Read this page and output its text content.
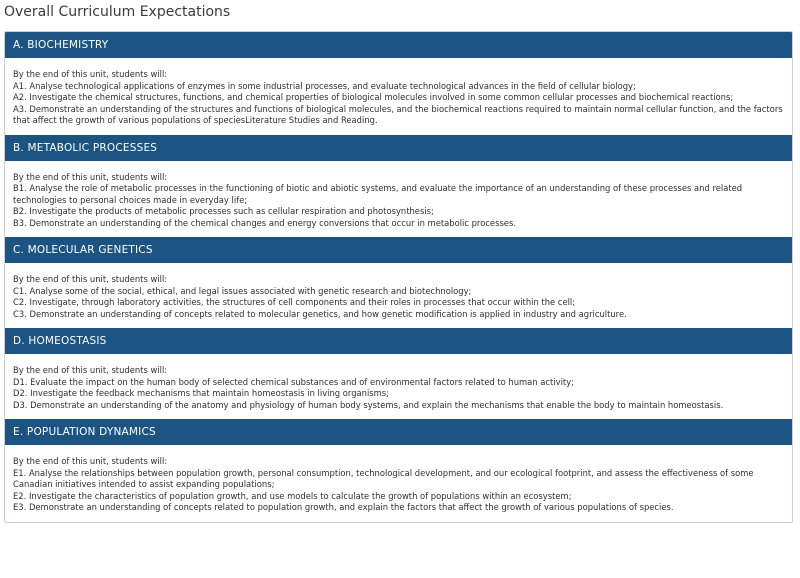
Overall Curriculum Expectations
A. BIOCHEMISTRY
By the end of this unit, students will:
A1. Analyse technological applications of enzymes in some industrial processes, and evaluate technological advances in the field of cellular biology;
A2. Investigate the chemical structures, functions, and chemical properties of biological molecules involved in some common cellular processes and biochemical reactions;
A3. Demonstrate an understanding of the structures and functions of biological molecules, and the biochemical reactions required to maintain normal cellular function, and the factors that affect the growth of various populations of speciesLiterature Studies and Reading.
B. METABOLIC PROCESSES
By the end of this unit, students will:
B1. Analyse the role of metabolic processes in the functioning of biotic and abiotic systems, and evaluate the importance of an understanding of these processes and related technologies to personal choices made in everyday life;
B2. Investigate the products of metabolic processes such as cellular respiration and photosynthesis;
B3. Demonstrate an understanding of the chemical changes and energy conversions that occur in metabolic processes.
C. MOLECULAR GENETICS
By the end of this unit, students will:
C1. Analyse some of the social, ethical, and legal issues associated with genetic research and biotechnology;
C2. Investigate, through laboratory activities, the structures of cell components and their roles in processes that occur within the cell;
C3. Demonstrate an understanding of concepts related to molecular genetics, and how genetic modification is applied in industry and agriculture.
D. HOMEOSTASIS
By the end of this unit, students will:
D1. Evaluate the impact on the human body of selected chemical substances and of environmental factors related to human activity;
D2. Investigate the feedback mechanisms that maintain homeostasis in living organisms;
D3. Demonstrate an understanding of the anatomy and physiology of human body systems, and explain the mechanisms that enable the body to maintain homeostasis.
E. POPULATION DYNAMICS
By the end of this unit, students will:
E1. Analyse the relationships between population growth, personal consumption, technological development, and our ecological footprint, and assess the effectiveness of some Canadian initiatives intended to assist expanding populations;
E2. Investigate the characteristics of population growth, and use models to calculate the growth of populations within an ecosystem;
E3. Demonstrate an understanding of concepts related to population growth, and explain the factors that affect the growth of various populations of species.
